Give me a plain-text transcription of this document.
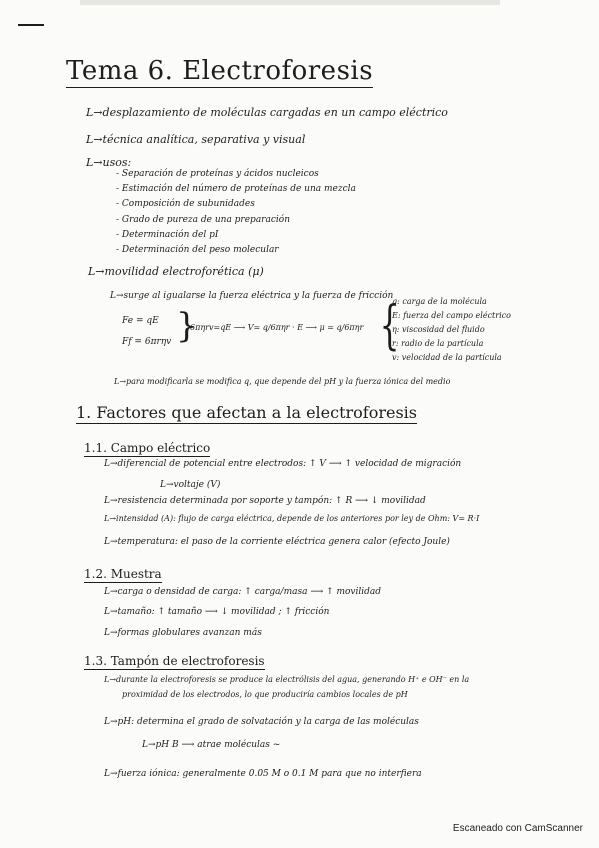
Tema 6. Electroforesis
L→desplazamiento de moléculas cargadas en un campo eléctrico
L→técnica analítica, separativa y visual
L→usos:
- Separación de proteínas y ácidos nucleicos
- Estimación del número de proteínas de una mezcla
- Composición de subunidades
- Grado de pureza de una preparación
- Determinación del pI
- Determinación del peso molecular
L→movilidad electroforética (μ)
L→surge al igualarse la fuerza eléctrica y la fuerza de fricción
Fe = qE
Ff = 6πrηv }
6πηrv=qE ⟶ V= q/6πηr · E ⟶ μ = q/6πηr {
q: carga de la molécula
E: fuerza del campo eléctrico
η: viscosidad del fluido
r: radio de la partícula
v: velocidad de la partícula
L→para modificarla se modifica q, que depende del pH y la fuerza iónica del medio
1. Factores que afectan a la electroforesis
1.1. Campo eléctrico
L→diferencial de potencial entre electrodos: ↑ V ⟶ ↑ velocidad de migración
L→voltaje (V)
L→resistencia determinada por soporte y tampón: ↑ R ⟶ ↓ movilidad
L→intensidad (A): flujo de carga eléctrica, depende de los anteriores por ley de Ohm: V= R·I
L→temperatura: el paso de la corriente eléctrica genera calor (efecto Joule)
1.2. Muestra
L→carga o densidad de carga: ↑ carga/masa ⟶ ↑ movilidad
L→tamaño: ↑ tamaño ⟶ ↓ movilidad ; ↑ fricción
L→formas globulares avanzan más
1.3. Tampón de electroforesis
L→durante la electroforesis se produce la electrólisis del agua, generando H⁺ e OH⁻ en la
proximidad de los electrodos, lo que produciría cambios locales de pH
L→pH: determina el grado de solvatación y la carga de las moléculas
L→pH B ⟶ atrae moléculas ~
L→fuerza iónica: generalmente 0.05 M o 0.1 M para que no interfiera
Escaneado con CamScanner
